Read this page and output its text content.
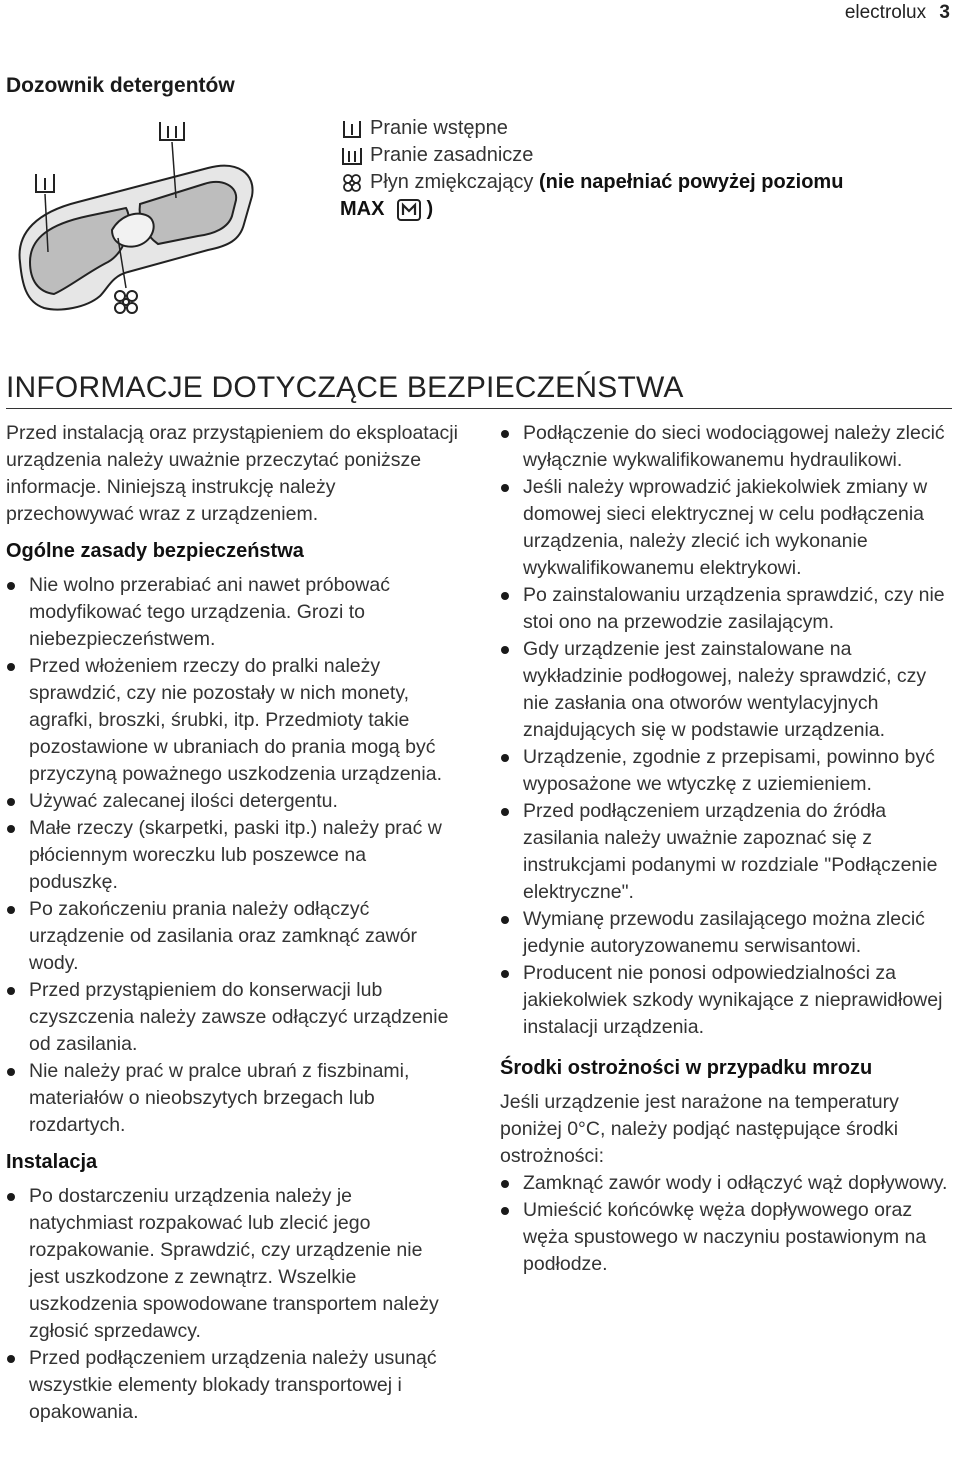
electrolux 3
Dozownik detergentów
Pranie wstępne
Pranie zasadnicze
Płyn zmiękczający
(nie napełniać powyżej poziomu
MAX )
INFORMACJE DOTYCZĄCE BEZPIECZEŃSTWA

Przed instalacją oraz przystąpieniem do eksploatacji urządzenia należy uważnie przeczytać poniższe informacje. Niniejszą instrukcję należy przechowywać wraz z urządzeniem.

Ogólne zasady bezpieczeństwa
Nie wolno przerabiać ani nawet próbować modyfikować tego urządzenia. Grozi to niebezpieczeństwem.
Przed włożeniem rzeczy do pralki należy sprawdzić, czy nie pozostały w nich monety, agrafki, broszki, śrubki, itp. Przedmioty takie pozostawione w ubraniach do prania mogą być przyczyną poważnego uszkodzenia urządzenia.
Używać zalecanej ilości detergentu.
Małe rzeczy (skarpetki, paski itp.) należy prać w płóciennym woreczku lub poszewce na poduszkę.
Po zakończeniu prania należy odłączyć urządzenie od zasilania oraz zamknąć zawór wody.
Przed przystąpieniem do konserwacji lub czyszczenia należy zawsze odłączyć urządzenie od zasilania.
Nie należy prać w pralce ubrań z fiszbinami, materiałów o nieobszytych brzegach lub rozdartych.
Instalacja
Po dostarczeniu urządzenia należy je natychmiast rozpakować lub zlecić jego rozpakowanie. Sprawdzić, czy urządzenie nie jest uszkodzone z zewnątrz. Wszelkie uszkodzenia spowodowane transportem należy zgłosić sprzedawcy.
Przed podłączeniem urządzenia należy usunąć wszystkie elementy blokady transportowej i opakowania.
Podłączenie do sieci wodociągowej należy zlecić wyłącznie wykwalifikowanemu hydraulikowi.
Jeśli należy wprowadzić jakiekolwiek zmiany w domowej sieci elektrycznej w celu podłączenia urządzenia, należy zlecić ich wykonanie wykwalifikowanemu elektrykowi.
Po zainstalowaniu urządzenia sprawdzić, czy nie stoi ono na przewodzie zasilającym.
Gdy urządzenie jest zainstalowane na wykładzinie podłogowej, należy sprawdzić, czy nie zasłania ona otworów wentylacyjnych znajdujących się w podstawie urządzenia.
Urządzenie, zgodnie z przepisami, powinno być wyposażone we wtyczkę z uziemieniem.
Przed podłączeniem urządzenia do źródła zasilania należy uważnie zapoznać się z instrukcjami podanymi w rozdziale "Podłączenie elektryczne".
Wymianę przewodu zasilającego można zlecić jedynie autoryzowanemu serwisantowi.
Producent nie ponosi odpowiedzialności za jakiekolwiek szkody wynikające z nieprawidłowej instalacji urządzenia.
Środki ostrożności w przypadku mrozu

Jeśli urządzenie jest narażone na temperatury poniżej 0°C, należy podjąć następujące środki ostrożności:

Zamknąć zawór wody i odłączyć wąż dopływowy.
Umieścić końcówkę węża dopływowego oraz węża spustowego w naczyniu postawionym na podłodze.
